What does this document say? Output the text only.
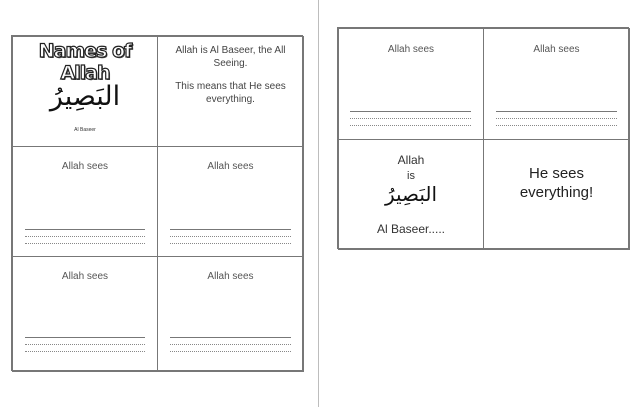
Names of Allah
البَصِيرُ
Al Baseer
Allah is Al Baseer, the All Seeing.
This means that He sees everything.
Allah sees	Allah sees
Allah sees	Allah sees
Allah sees	Allah sees
Allah
is
البَصِيرُ
Al Baseer.....
He sees everything!
